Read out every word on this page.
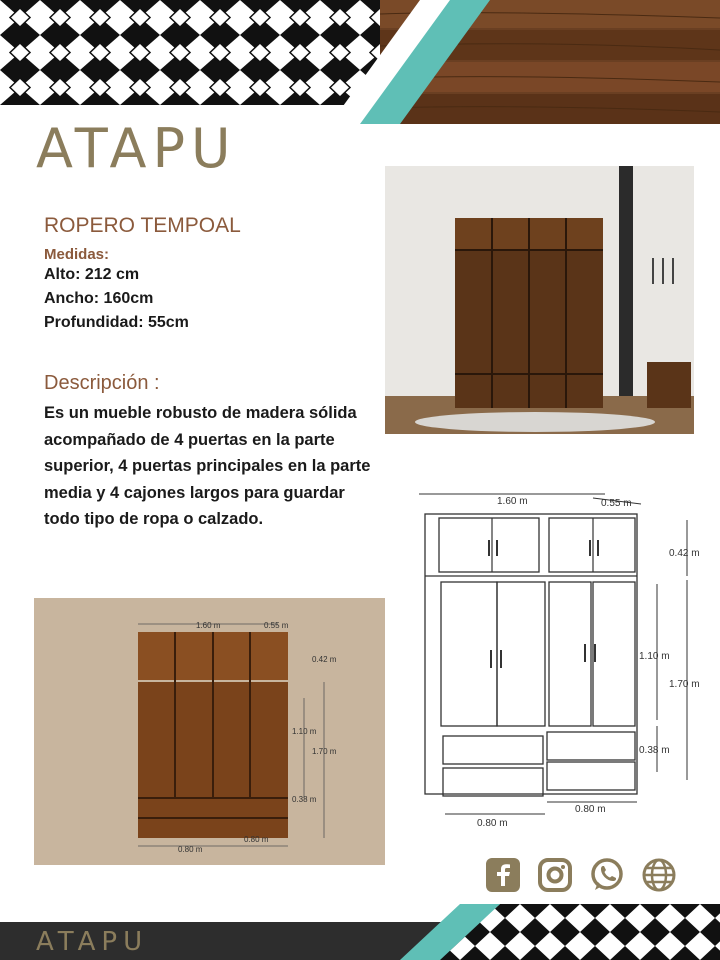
ATAPU
ROPERO TEMPOAL
Medidas:
Alto: 212 cm
Ancho: 160cm
Profundidad: 55cm
Descripción :
Es un mueble robusto de madera sólida acompañado de 4 puertas en la parte superior, 4 puertas principales en la parte media y 4 cajones largos para guardar todo tipo de ropa o calzado.
1.60 m	0.55 m
0.42 m
1.10 m
1.70 m
0.38 m
0.80 m
0.80 m
1.60 m	0.55 m
0.42 m
1.10 m
1.70 m
0.38 m
0.80 m
0.80 m
ATAPU
